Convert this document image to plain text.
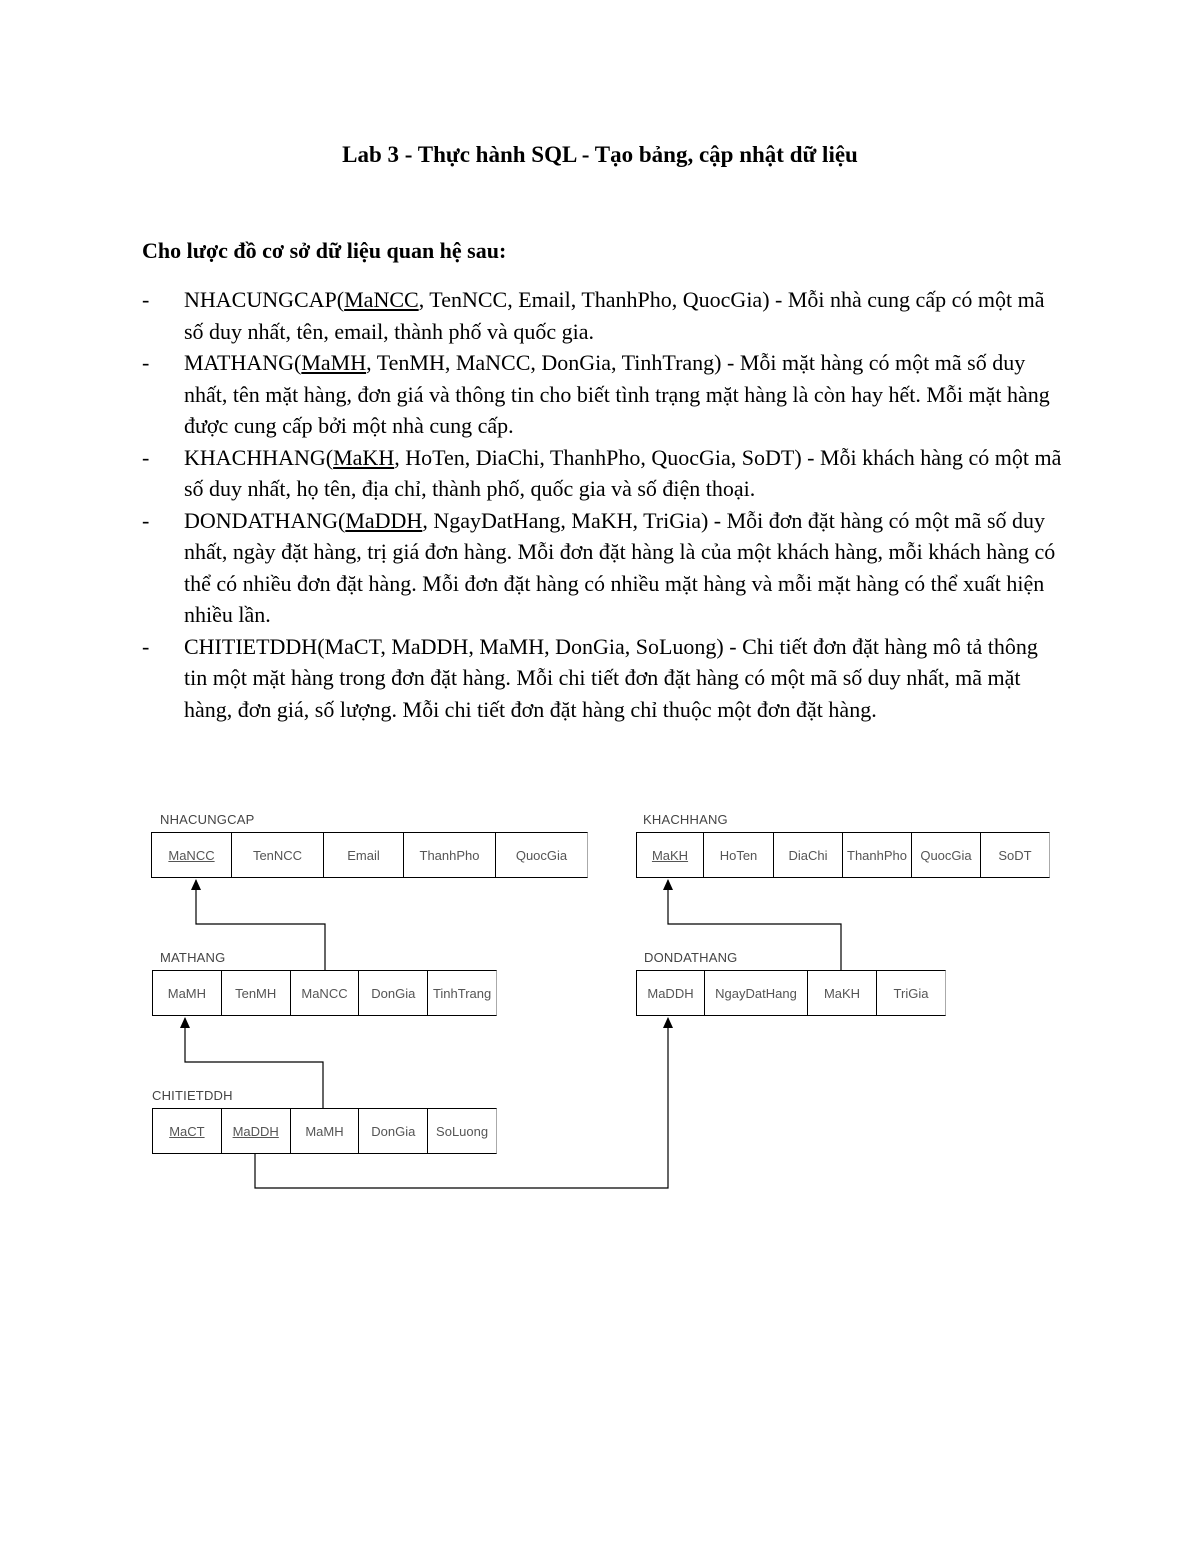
Lab 3 - Thực hành SQL - Tạo bảng, cập nhật dữ liệu
Cho lược đồ cơ sở dữ liệu quan hệ sau:
- NHACUNGCAP(MaNCC, TenNCC, Email, ThanhPho, QuocGia) - Mỗi nhà cung cấp có một mã số duy nhất, tên, email, thành phố và quốc gia.
- MATHANG(MaMH, TenMH, MaNCC, DonGia, TinhTrang) - Mỗi mặt hàng có một mã số duy nhất, tên mặt hàng, đơn giá và thông tin cho biết tình trạng mặt hàng là còn hay hết. Mỗi mặt hàng được cung cấp bởi một nhà cung cấp.
- KHACHHANG(MaKH, HoTen, DiaChi, ThanhPho, QuocGia, SoDT) - Mỗi khách hàng có một mã số duy nhất, họ tên, địa chỉ, thành phố, quốc gia và số điện thoại.
- DONDATHANG(MaDDH, NgayDatHang, MaKH, TriGia) - Mỗi đơn đặt hàng có một mã số duy nhất, ngày đặt hàng, trị giá đơn hàng. Mỗi đơn đặt hàng là của một khách hàng, mỗi khách hàng có thể có nhiều đơn đặt hàng. Mỗi đơn đặt hàng có nhiều mặt hàng và mỗi mặt hàng có thể xuất hiện nhiều lần.
- CHITIETDDH(MaCT, MaDDH, MaMH, DonGia, SoLuong) - Chi tiết đơn đặt hàng mô tả thông tin một mặt hàng trong đơn đặt hàng. Mỗi chi tiết đơn đặt hàng có một mã số duy nhất, mã mặt hàng, đơn giá, số lượng. Mỗi chi tiết đơn đặt hàng chỉ thuộc một đơn đặt hàng.
NHACUNGCAP
MaNCC	TenNCC	Email	ThanhPho	QuocGia
KHACHHANG
MaKH	HoTen	DiaChi	ThanhPho	QuocGia	SoDT
MATHANG
MaMH	TenMH	MaNCC	DonGia	TinhTrang
DONDATHANG
MaDDH	NgayDatHang	MaKH	TriGia
CHITIETDDH
MaCT	MaDDH	MaMH	DonGia	SoLuong
